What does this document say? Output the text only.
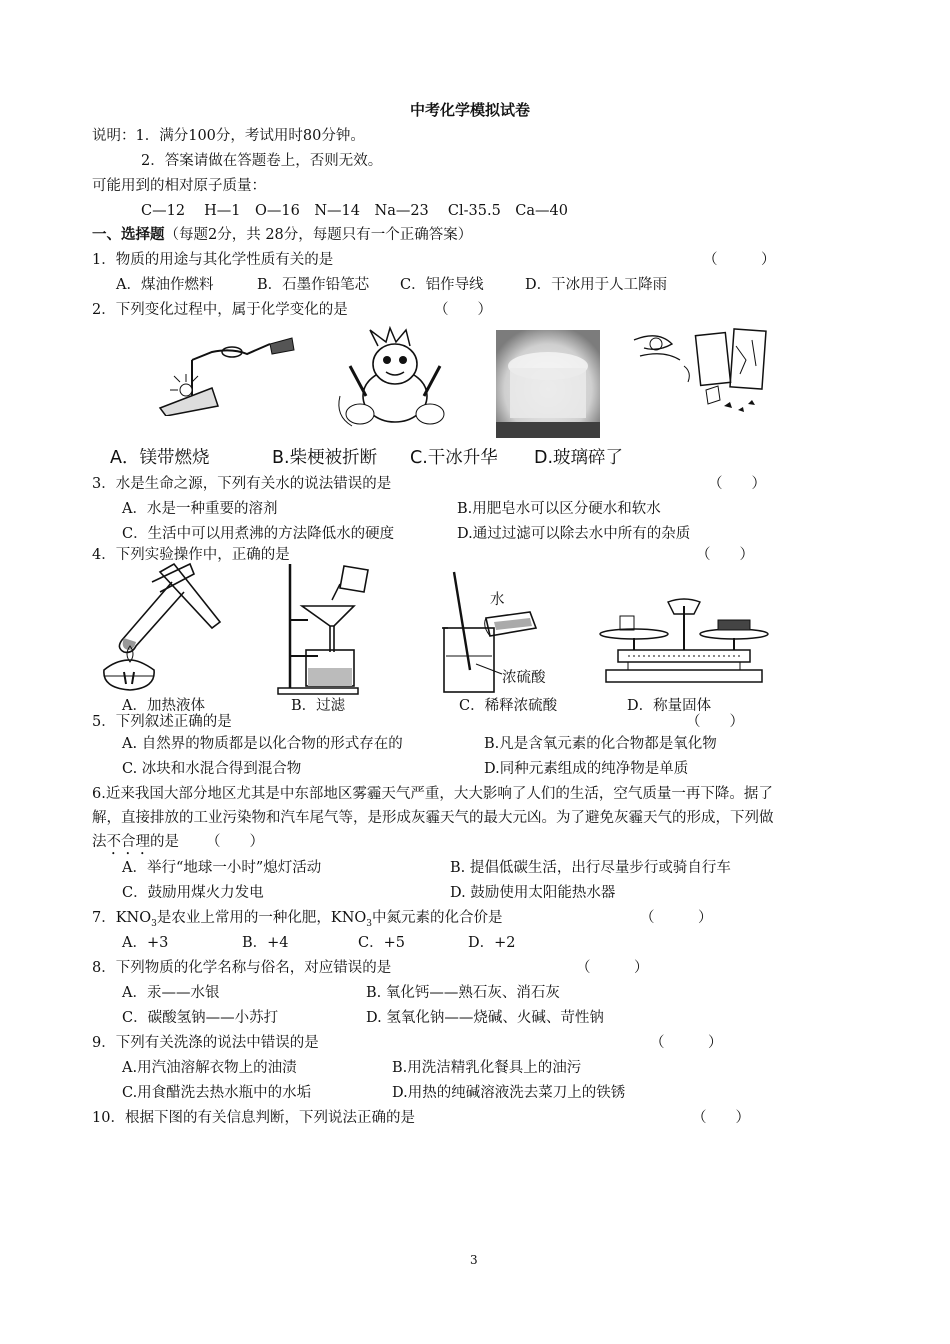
中考化学模拟试卷
说明：1．满分100分，考试用时80分钟。
2．答案请做在答题卷上，否则无效。
可能用到的相对原子质量：
C—12　 H—1　O—16　N—14　Na—23　 Cl-35.5　Ca—40
一、选择题（每题2分，共 28分，每题只有一个正确答案）
1．物质的用途与其化学性质有关的是	（　　　）
A．煤油作燃料	B．石墨作铅笔芯 C．铝作导线	D．干冰用于人工降雨
2．下列变化过程中，属于化学变化的是	（　　）
A．镁带燃烧	B.柴梗被折断 C.干冰升华 D.玻璃碎了
3．水是生命之源，下列有关水的说法错误的是	（　　）
A．水是一种重要的溶剂	B.用肥皂水可以区分硬水和软水
C．生活中可以用煮沸的方法降低水的硬度	D.通过过滤可以除去水中所有的杂质
4．下列实验操作中，正确的是	（　　）
水
浓硫酸
A．加热液体	B．过滤	C．稀释浓硫酸	D．称量固体
5．下列叙述正确的是	（　　）
A. 自然界的物质都是以化合物的形式存在的	B.凡是含氧元素的化合物都是氧化物
C. 冰块和水混合得到混合物	D.同种元素组成的纯净物是单质
6.近来我国大部分地区尤其是中东部地区雾霾天气严重，大大影响了人们的生活，空气质量一再下降。据了
解，直接排放的工业污染物和汽车尾气等，是形成灰霾天气的最大元凶。为了避免灰霾天气的形成，下列做
法不合理的是 （　　）
A．举行“地球一小时”熄灯活动	B. 提倡低碳生活，出行尽量步行或骑自行车
C．鼓励用煤火力发电	D. 鼓励使用太阳能热水器
7．$KNO_3$是农业上常用的一种化肥，$KNO_3$中氮元素的化合价是	（　　　）
A．+3	B．+4	C．+5	D．+2
8．下列物质的化学名称与俗名，对应错误的是	（　　　）
A．汞——水银	B. 氧化钙——熟石灰、消石灰
C．碳酸氢钠——小苏打	D. 氢氧化钠——烧碱、火碱、苛性钠
9．下列有关洗涤的说法中错误的是	（　　　）
A.用汽油溶解衣物上的油渍	B.用洗洁精乳化餐具上的油污
C.用食醋洗去热水瓶中的水垢	D.用热的纯碱溶液洗去菜刀上的铁锈
10．根据下图的有关信息判断，下列说法正确的是	（　　）
3
